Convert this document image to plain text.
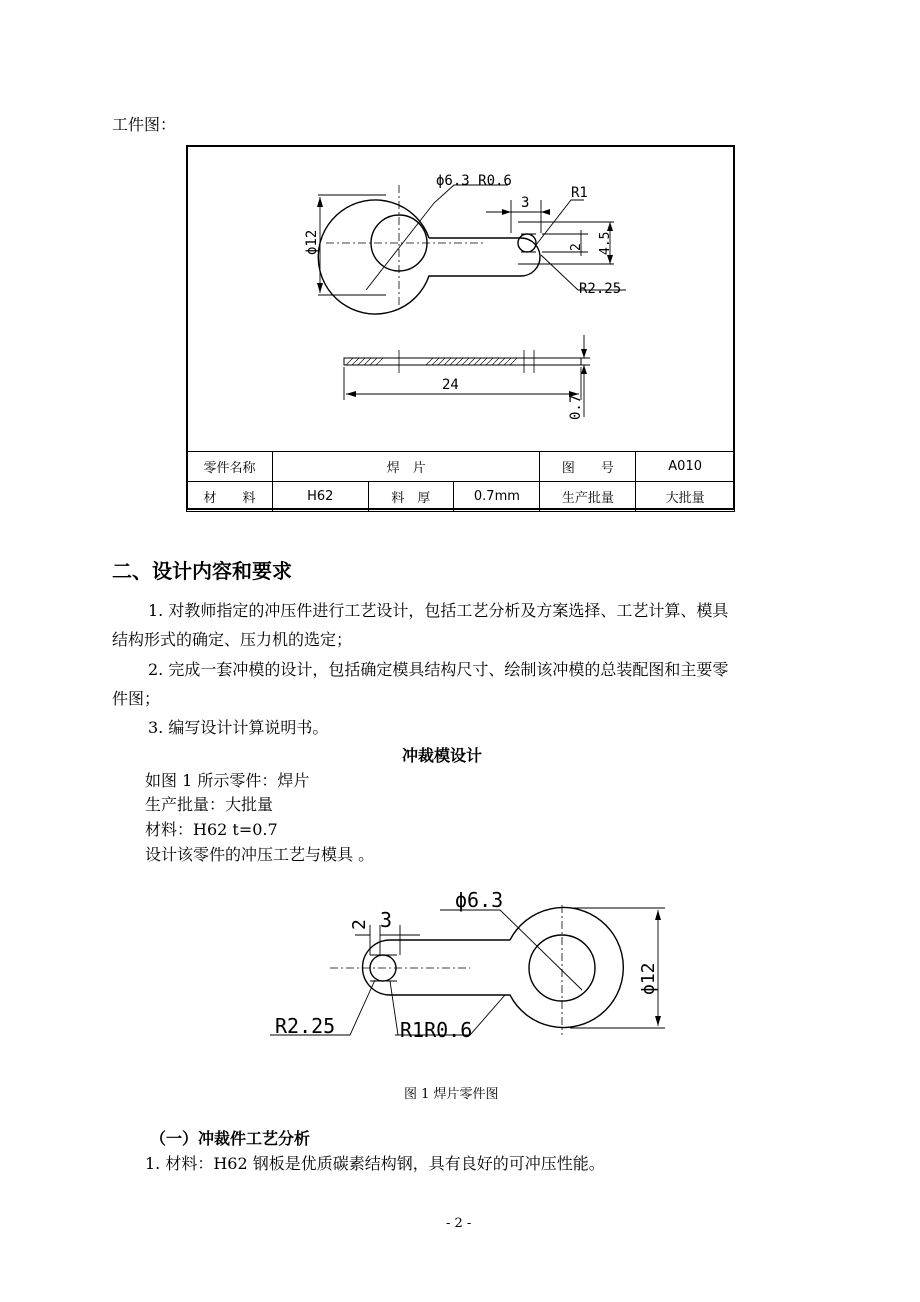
工件图：
ϕ6.3 R0.6
3
R1
ϕ12	2 4.5
R2.25
24
0.7
零件名称	焊　片			图　　号	A010
材　　料	H62	料　厚	0.7mm	生产批量	大批量
二、设计内容和要求
1. 对教师指定的冲压件进行工艺设计，包括工艺分析及方案选择、工艺计算、模具
结构形式的确定、压力机的选定；
2. 完成一套冲模的设计，包括确定模具结构尺寸、绘制该冲模的总装配图和主要零
件图；
3. 编写设计计算说明书。
冲裁模设计
如图 1 所示零件：焊片
生产批量：大批量
材料：H62 t=0.7
设计该零件的冲压工艺与模具 。
ϕ6.3
2 3
ϕ12
R2.25	R1R0.6
图 1 焊片零件图
（一）冲裁件工艺分析
1. 材料：H62 钢板是优质碳素结构钢，具有良好的可冲压性能。
- 2 -
